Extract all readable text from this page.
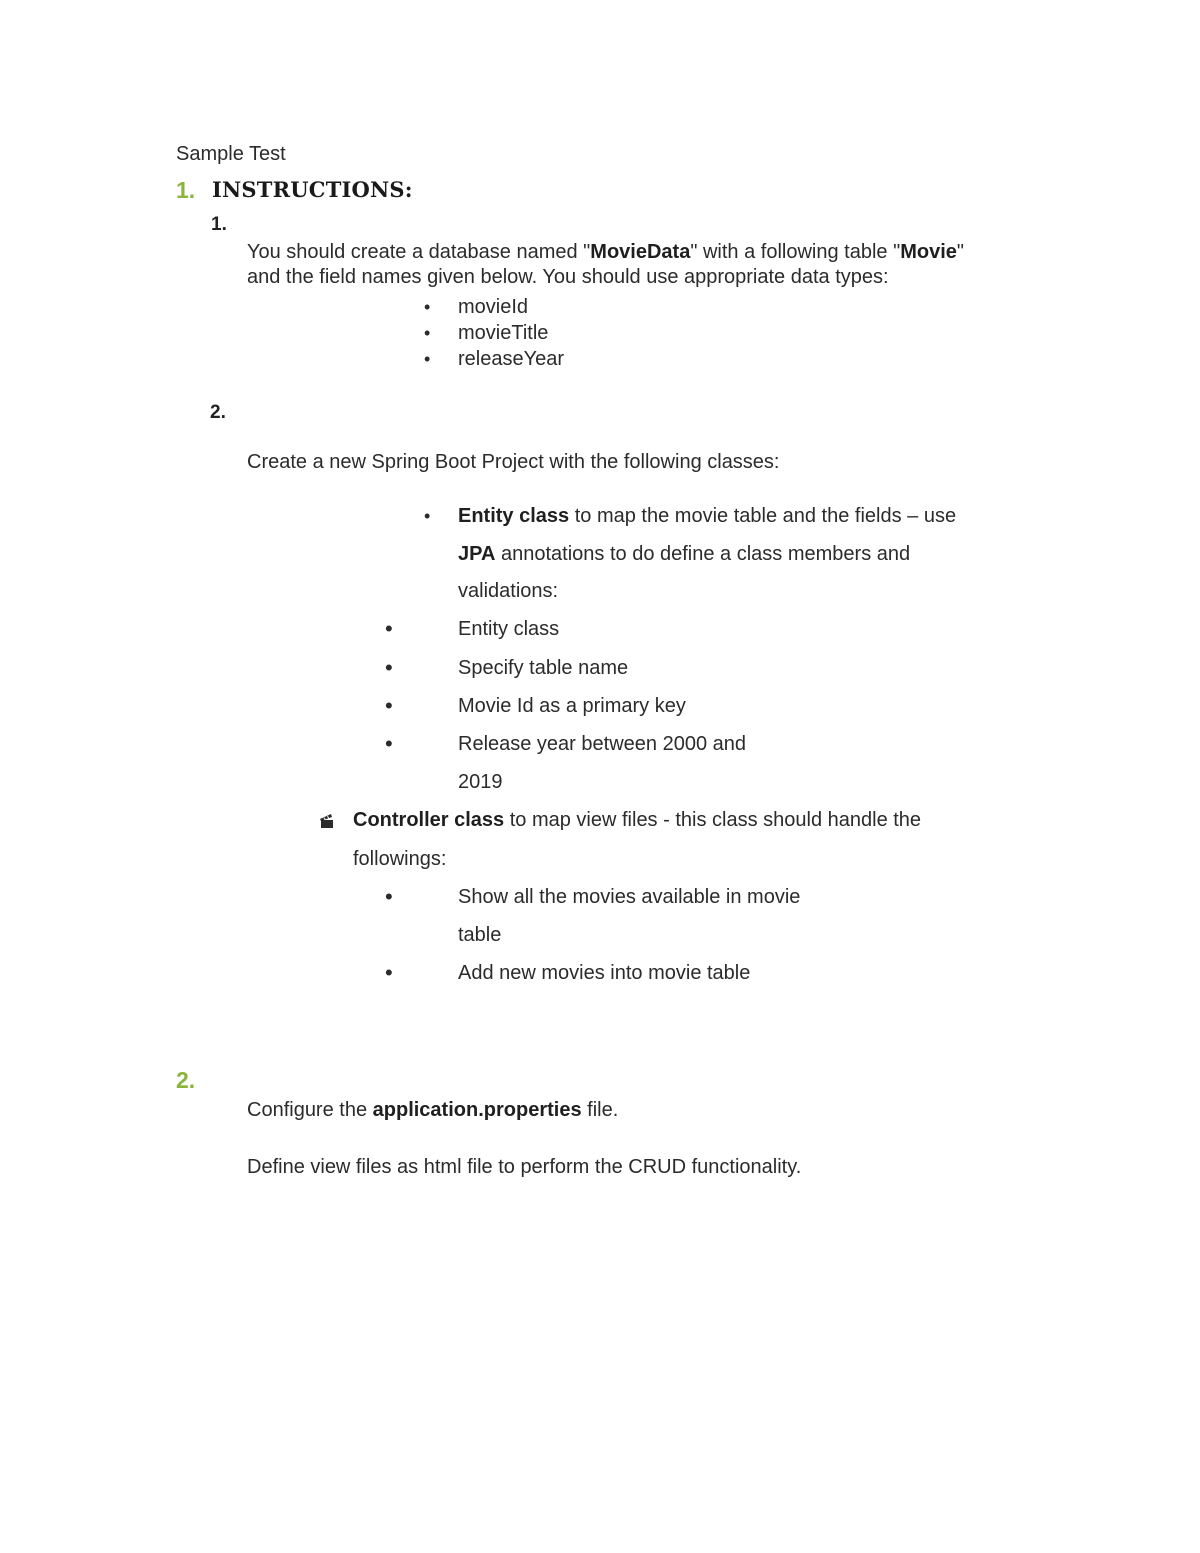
Sample Test
1. INSTRUCTIONS:
1.
You should create a database named "MovieData" with a following table "Movie"
and the field names given below. You should use appropriate data types:
• movieId
• movieTitle
• releaseYear
2.
Create a new Spring Boot Project with the following classes:
• Entity class to map the movie table and the fields – use
JPA annotations to do define a class members and
validations:
•	Entity class
•	Specify table name
•	Movie Id as a primary key
•	Release year between 2000 and
2019
Controller class to map view files - this class should handle the
followings:
•	Show all the movies available in movie
table
•	Add new movies into movie table
2.
Configure the application.properties file.
Define view files as html file to perform the CRUD functionality.
